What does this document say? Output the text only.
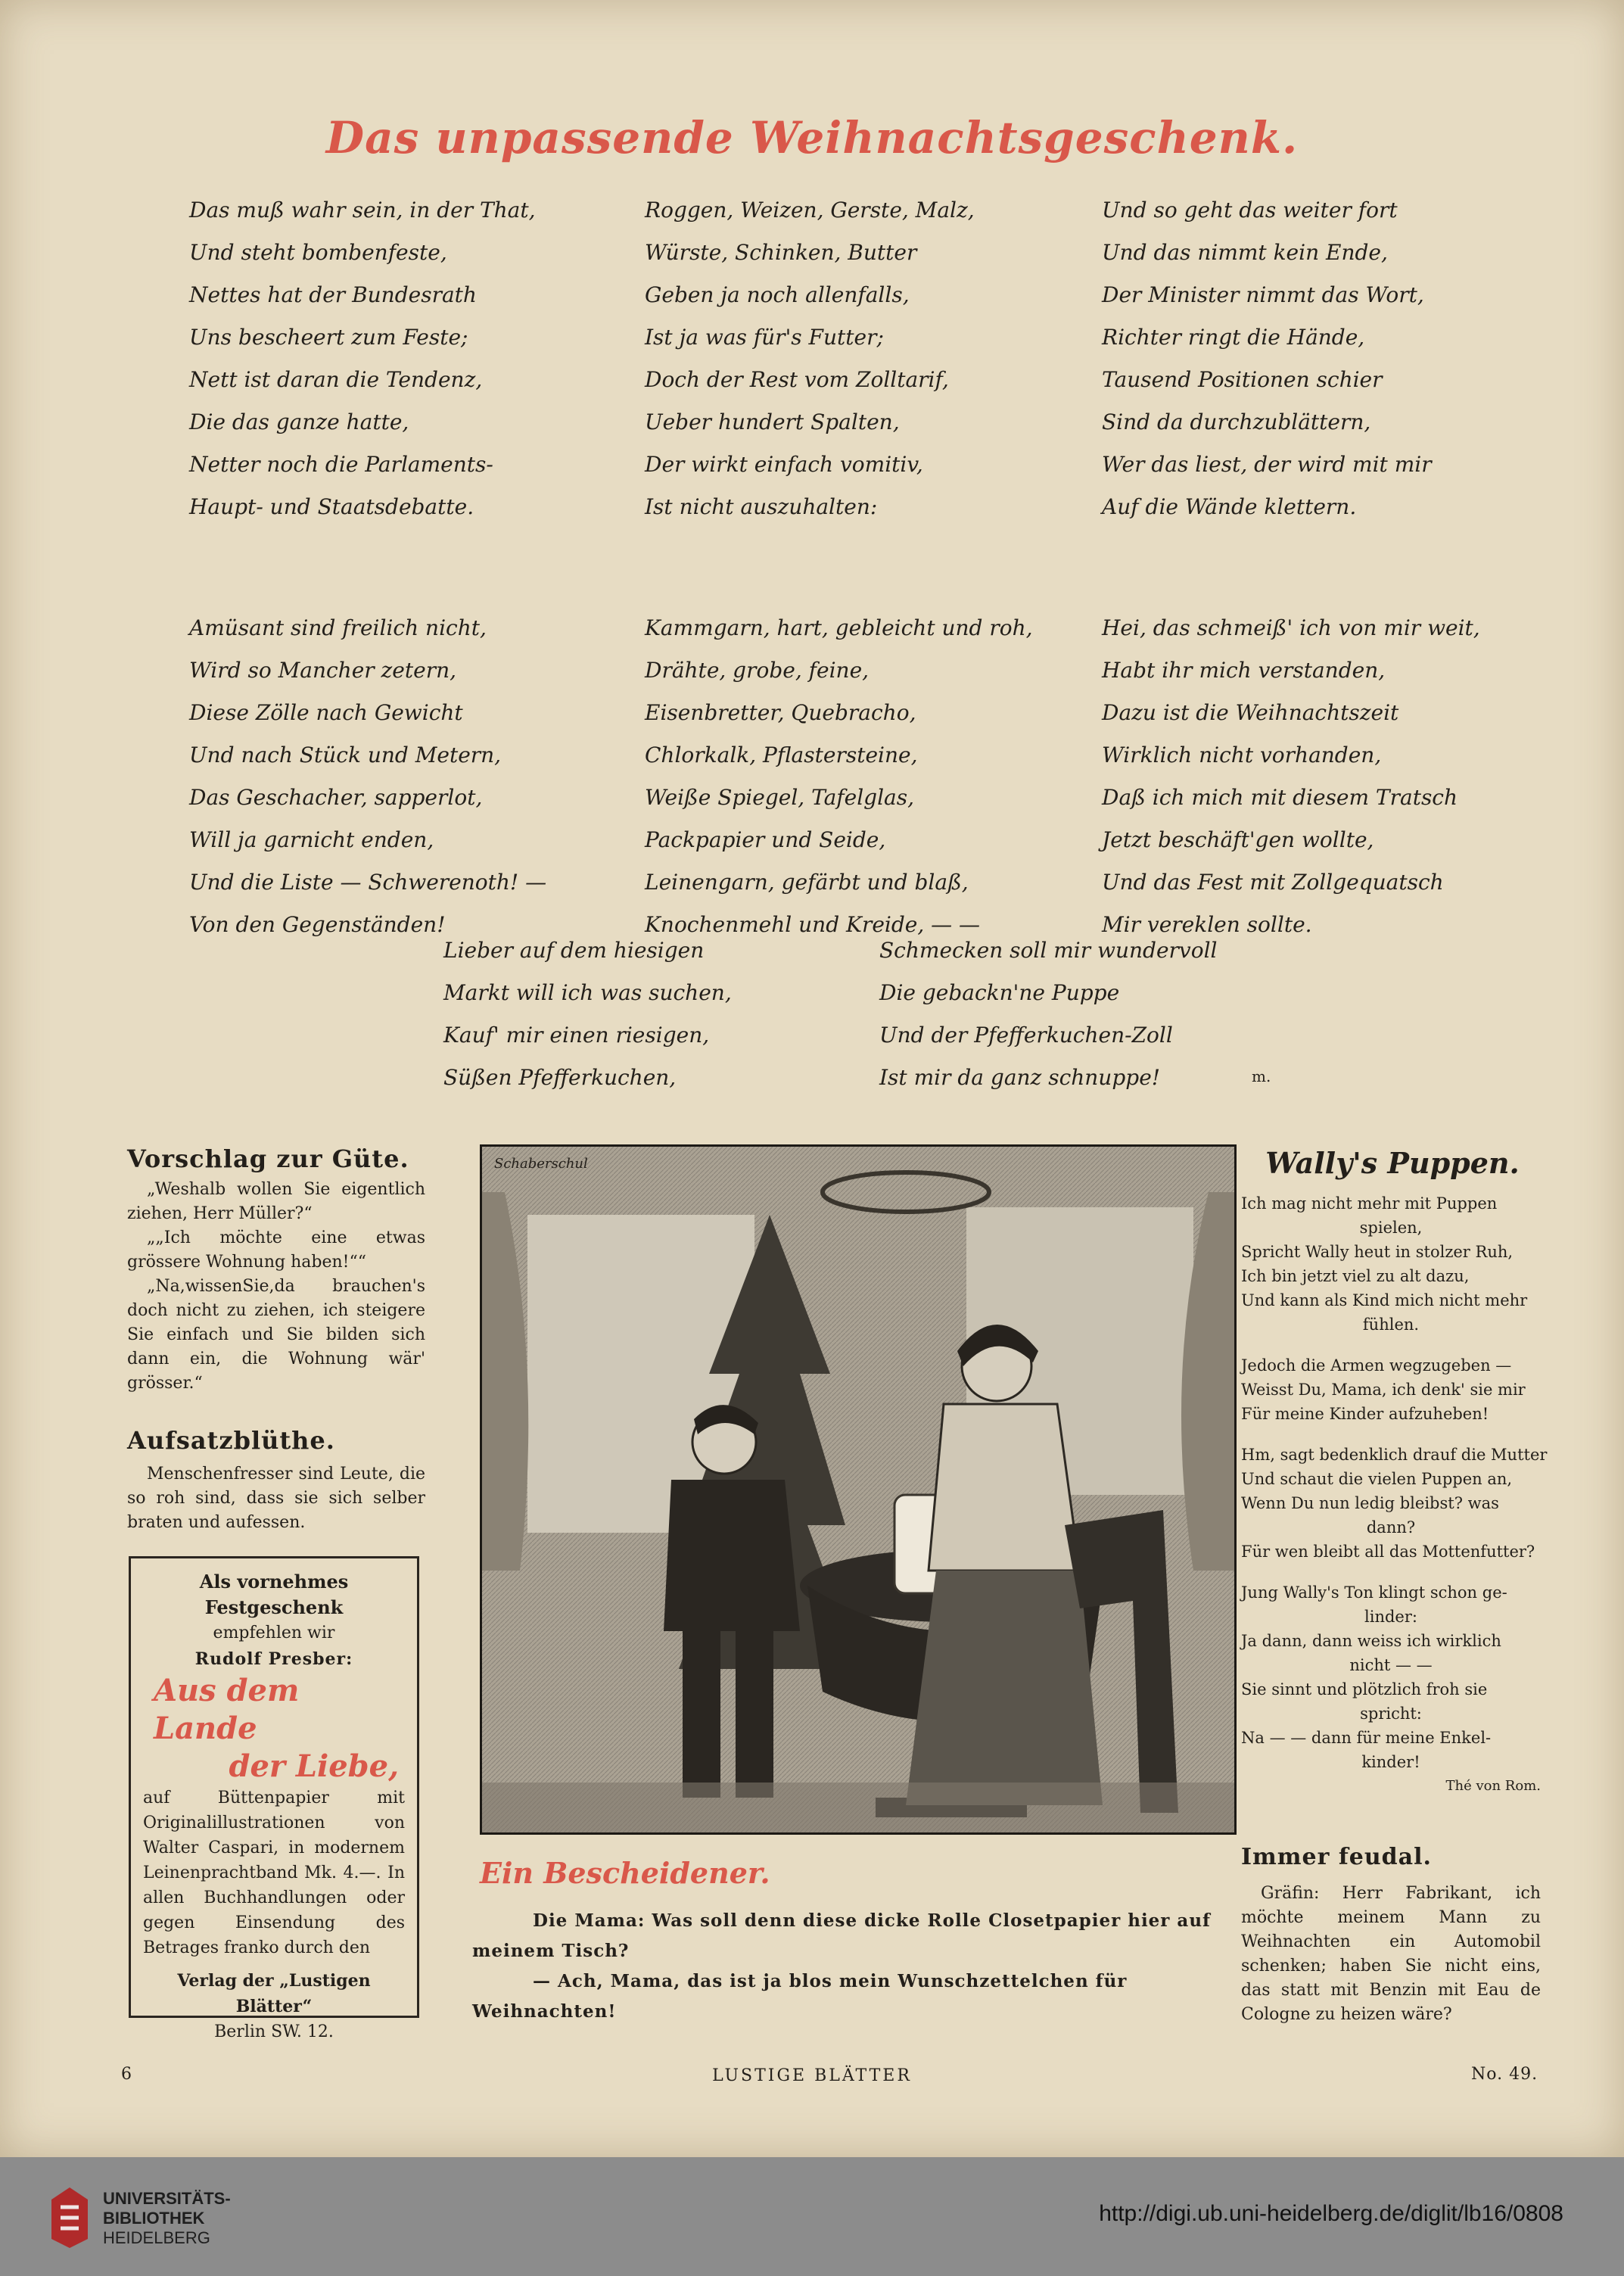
Das unpassende Weihnachtsgeschenk.
Das muß wahr sein, in der That,
Und steht bombenfeste,
Nettes hat der Bundesrath
Uns bescheert zum Feste;
Nett ist daran die Tendenz,
Die das ganze hatte,
Netter noch die Parlaments-
Haupt- und Staatsdebatte.
Amüsant sind freilich nicht,
Wird so Mancher zetern,
Diese Zölle nach Gewicht
Und nach Stück und Metern,
Das Geschacher, sapperlot,
Will ja garnicht enden,
Und die Liste — Schwerenoth! —
Von den Gegenständen!
Roggen, Weizen, Gerste, Malz,
Würste, Schinken, Butter
Geben ja noch allenfalls,
Ist ja was für's Futter;
Doch der Rest vom Zolltarif,
Ueber hundert Spalten,
Der wirkt einfach vomitiv,
Ist nicht auszuhalten:
Kammgarn, hart, gebleicht und roh,
Drähte, grobe, feine,
Eisenbretter, Quebracho,
Chlorkalk, Pflastersteine,
Weiße Spiegel, Tafelglas,
Packpapier und Seide,
Leinengarn, gefärbt und blaß,
Knochenmehl und Kreide, — —
Und so geht das weiter fort
Und das nimmt kein Ende,
Der Minister nimmt das Wort,
Richter ringt die Hände,
Tausend Positionen schier
Sind da durchzublättern,
Wer das liest, der wird mit mir
Auf die Wände klettern.
Hei, das schmeiß' ich von mir weit,
Habt ihr mich verstanden,
Dazu ist die Weihnachtszeit
Wirklich nicht vorhanden,
Daß ich mich mit diesem Tratsch
Jetzt beschäft'gen wollte,
Und das Fest mit Zollgequatsch
Mir vereklen sollte.
Lieber auf dem hiesigen
Markt will ich was suchen,
Kauf' mir einen riesigen,
Süßen Pfefferkuchen,
Schmecken soll mir wundervoll
Die gebackn'ne Puppe
Und der Pfefferkuchen-Zoll
Ist mir da ganz schnuppe!	m.
Vorschlag zur Güte.

„Weshalb wollen Sie eigentlich ziehen, Herr Müller?“

„„Ich möchte eine etwas grössere Wohnung haben!““

„Na,wissenSie,da brauchen's doch nicht zu ziehen, ich steigere Sie einfach und Sie bilden sich dann ein, die Wohnung wär' grösser.“

Aufsatzblüthe.

Menschenfresser sind Leute, die so roh sind, dass sie sich selber braten und aufessen.

Als vornehmes Festgeschenk
empfehlen wir
Rudolf Presber:
Aus dem Lande
der Liebe,
auf Büttenpapier mit Originalillustrationen von Walter Caspari, in modernem Leinenprachtband Mk. 4.—. In allen Buchhandlungen oder gegen Einsendung des Betrages franko durch den
Verlag der „Lustigen Blätter“
Berlin SW. 12.
Schaberschul
Ein Bescheidener.
Die Mama: Was soll denn diese dicke Rolle Closetpapier hier auf meinem Tisch?
— Ach, Mama, das ist ja blos mein Wunschzettelchen für Weihnachten!
Wally's Puppen.
Ich mag nicht mehr mit Puppen
spielen,
Spricht Wally heut in stolzer Ruh,
Ich bin jetzt viel zu alt dazu,
Und kann als Kind mich nicht mehr
fühlen.
Jedoch die Armen wegzugeben —
Weisst Du, Mama, ich denk' sie mir
Für meine Kinder aufzuheben!
Hm, sagt bedenklich drauf die Mutter
Und schaut die vielen Puppen an,
Wenn Du nun ledig bleibst? was
dann?
Für wen bleibt all das Mottenfutter?
Jung Wally's Ton klingt schon ge-
linder:
Ja dann, dann weiss ich wirklich
nicht — —
Sie sinnt und plötzlich froh sie
spricht:
Na — — dann für meine Enkel-
kinder!
Thé von Rom.
Immer feudal.

Gräfin: Herr Fabrikant, ich möchte meinem Mann zu Weihnachten ein Automobil schenken; haben Sie nicht eins, das statt mit Benzin mit Eau de Cologne zu heizen wäre?

6	LUSTIGE BLÄTTER	No. 49.
UNIVERSITÄTS-
BIBLIOTHEK
HEIDELBERG
http://digi.ub.uni-heidelberg.de/diglit/lb16/0808
